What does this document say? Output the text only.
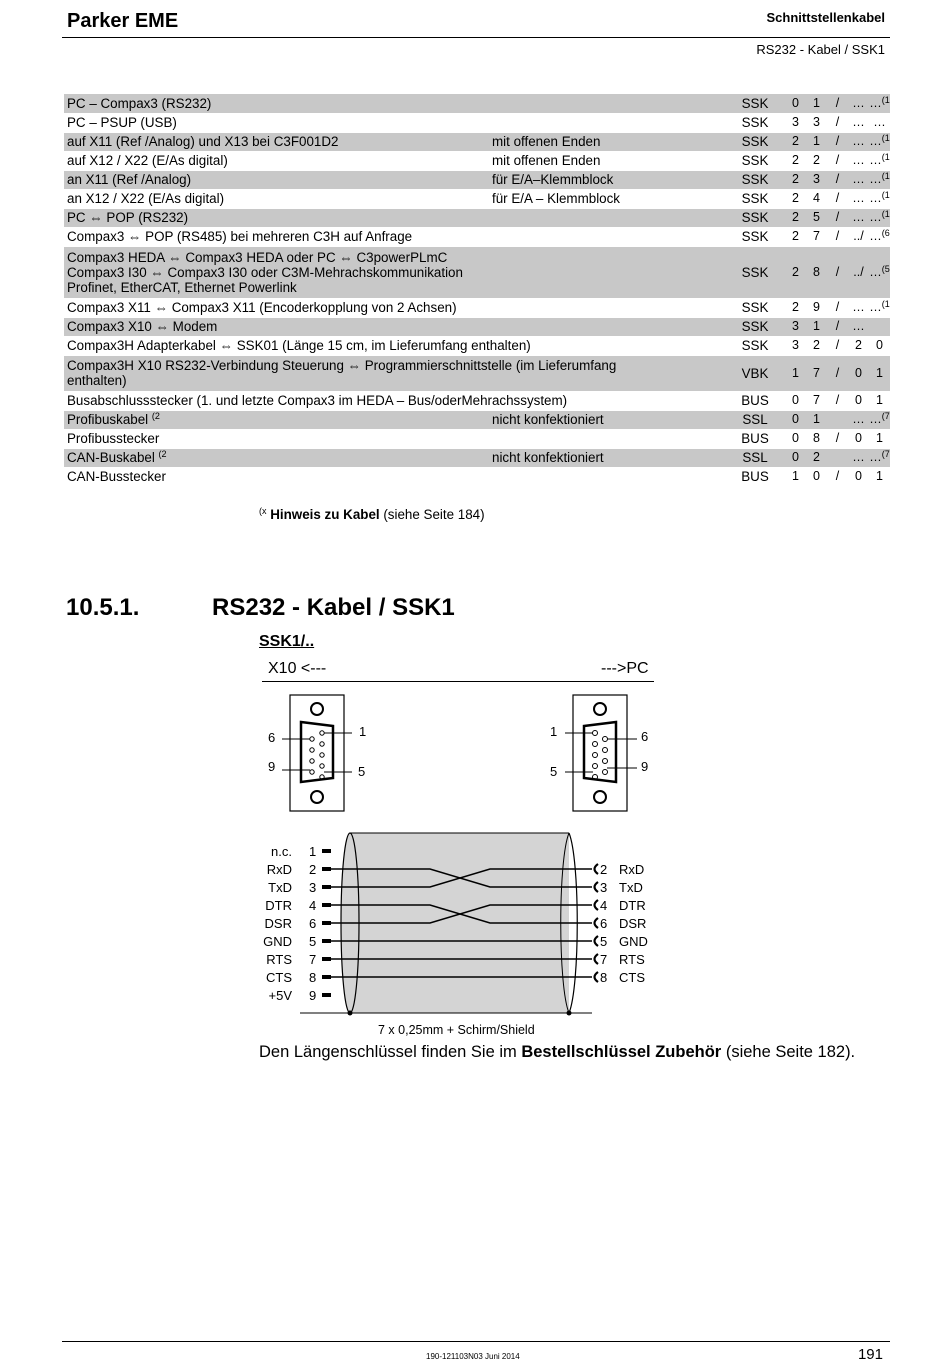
Parker EME	Schnittstellenkabel
RS232 - Kabel / SSK1
PC – Compax3 (RS232)		SSK	0	1	/	…	…$^{(1}$
PC – PSUP (USB)		SSK	3	3	/	…	…
auf X11 (Ref /Analog) und X13 bei C3F001D2	mit offenen Enden	SSK	2	1	/	…	…$^{(1}$
auf X12 / X22 (E/As digital)	mit offenen Enden	SSK	2	2	/	…	…$^{(1}$
an X11 (Ref /Analog)	für E/A–Klemmblock	SSK	2	3	/	…	…$^{(1}$
an X12 / X22 (E/As digital)	für E/A – Klemmblock	SSK	2	4	/	…	…$^{(1}$
PC ⇔ POP (RS232)		SSK	2	5	/	…	…$^{(1}$
Compax3 ⇔ POP (RS485) bei mehreren C3H auf Anfrage		SSK	2	7	/	../	…$^{(6}$
Compax3 HEDA ⇔ Compax3 HEDA oder PC ⇔ C3powerPLmC
Compax3 I30 ⇔ Compax3 I30 oder C3M-Mehrachskommunikation
Profinet, EtherCAT, Ethernet Powerlink		SSK	2	8	/	../	…$^{(5}$
Compax3 X11 ⇔ Compax3 X11 (Encoderkopplung von 2 Achsen)		SSK	2	9	/	…	…$^{(1}$
Compax3 X10 ⇔ Modem		SSK	3	1	/	…	
Compax3H Adapterkabel ⇔ SSK01 (Länge 15 cm, im Lieferumfang enthalten)		SSK	3	2	/	2	0
Compax3H X10 RS232-Verbindung Steuerung ⇔ Programmierschnittstelle (im Lieferumfang
enthalten)		VBK	1	7	/	0	1
Busabschlussstecker (1. und letzte Compax3 im HEDA – Bus/oderMehrachssystem)		BUS	0	7	/	0	1
Profibuskabel $^{(2}$	nicht konfektioniert	SSL	0	1		…	…$^{(7}$
Profibusstecker		BUS	0	8	/	0	1
CAN-Buskabel $^{(2}$	nicht konfektioniert	SSL	0	2		…	…$^{(7}$
CAN-Busstecker		BUS	1	0	/	0	1
$^{(x}$ Hinweis zu Kabel (siehe Seite 184)
10.5.1.	RS232 - Kabel / SSK1
SSK1/..
X10 <---	--->PC
6
9
1
5
1
5
6
9
n.c. 1
RxD 2
TxD 3
DTR 4
DSR 6
GND 5
RTS 7
CTS 8
+5V 9
2 RxD
3 TxD
4 DTR
6 DSR
5 GND
7 RTS
8 CTS
7 x 0,25mm + Schirm/Shield
Den Längenschlüssel finden Sie im Bestellschlüssel Zubehör (siehe Seite 182).
190-121103N03 Juni 2014	191
